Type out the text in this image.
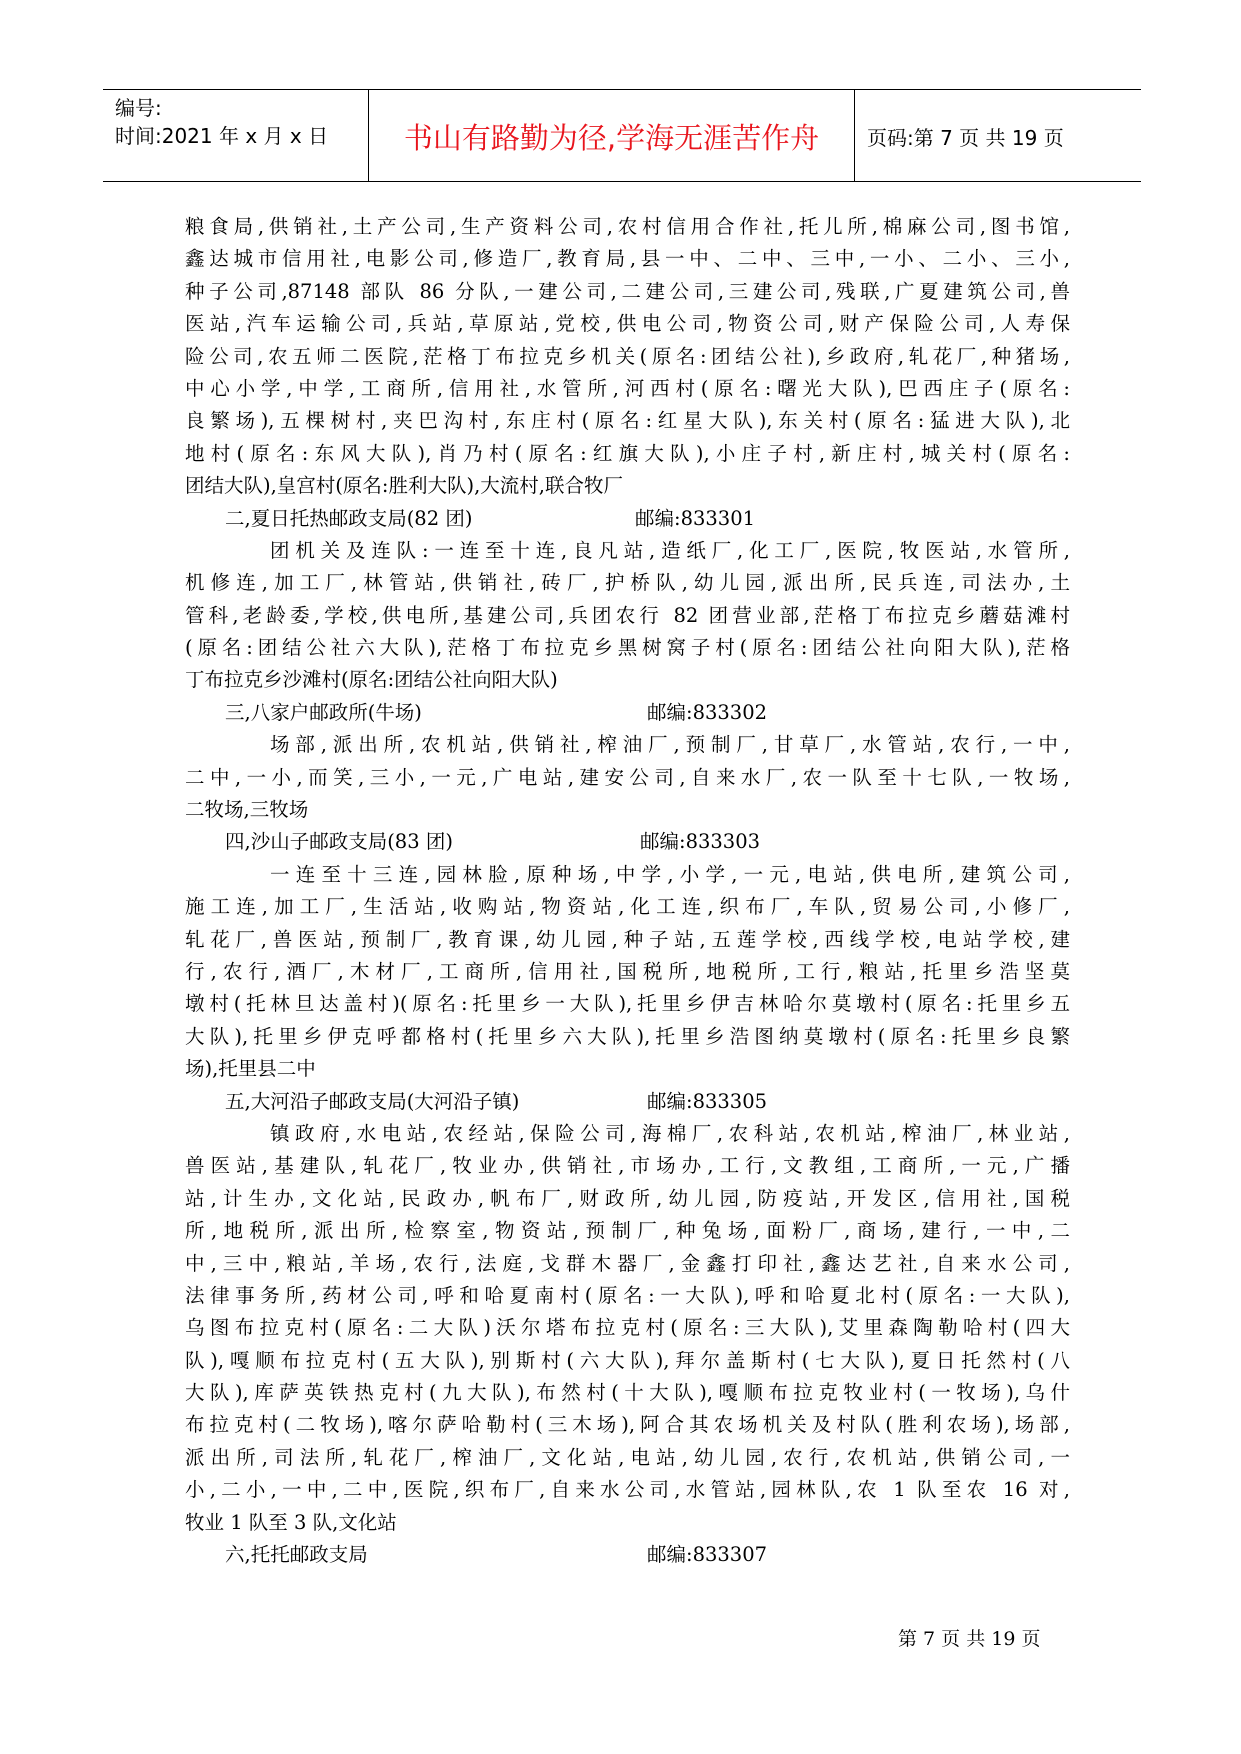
编号:
时间:2021 年 x 月 x 日	书山有路勤为径,学海无涯苦作舟	页码:第 7 页 共 19 页
粮食局,供销社,土产公司,生产资料公司,农村信用合作社,托儿所,棉麻公司,图书馆,
鑫达城市信用社,电影公司,修造厂,教育局,县一中、二中、三中,一小、二小、三小,
种子公司,87148 部队 86 分队,一建公司,二建公司,三建公司,残联,广夏建筑公司,兽
医站,汽车运输公司,兵站,草原站,党校,供电公司,物资公司,财产保险公司,人寿保
险公司,农五师二医院,茫格丁布拉克乡机关(原名:团结公社),乡政府,轧花厂,种猪场,
中心小学,中学,工商所,信用社,水管所,河西村(原名:曙光大队),巴西庄子(原名:
良繁场),五棵树村,夹巴沟村,东庄村(原名:红星大队),东关村(原名:猛进大队),北
地村(原名:东风大队),肖乃村(原名:红旗大队),小庄子村,新庄村,城关村(原名:
团结大队),皇宫村(原名:胜利大队),大流村,联合牧厂
二,夏日托热邮政支局(82 团)	邮编:833301
团机关及连队:一连至十连,良凡站,造纸厂,化工厂,医院,牧医站,水管所,
机修连,加工厂,林管站,供销社,砖厂,护桥队,幼儿园,派出所,民兵连,司法办,土
管科,老龄委,学校,供电所,基建公司,兵团农行 82 团营业部,茫格丁布拉克乡蘑菇滩村
(原名:团结公社六大队),茫格丁布拉克乡黑树窝子村(原名:团结公社向阳大队),茫格
丁布拉克乡沙滩村(原名:团结公社向阳大队)
三,八家户邮政所(牛场)	邮编:833302
场部,派出所,农机站,供销社,榨油厂,预制厂,甘草厂,水管站,农行,一中,
二中,一小,而笑,三小,一元,广电站,建安公司,自来水厂,农一队至十七队,一牧场,
二牧场,三牧场
四,沙山子邮政支局(83 团)	邮编:833303
一连至十三连,园林脸,原种场,中学,小学,一元,电站,供电所,建筑公司,
施工连,加工厂,生活站,收购站,物资站,化工连,织布厂,车队,贸易公司,小修厂,
轧花厂,兽医站,预制厂,教育课,幼儿园,种子站,五莲学校,西线学校,电站学校,建
行,农行,酒厂,木材厂,工商所,信用社,国税所,地税所,工行,粮站,托里乡浩坚莫
墩村(托林旦达盖村)(原名:托里乡一大队),托里乡伊吉林哈尔莫墩村(原名:托里乡五
大队),托里乡伊克呼都格村(托里乡六大队),托里乡浩图纳莫墩村(原名:托里乡良繁
场),托里县二中
五,大河沿子邮政支局(大河沿子镇)	邮编:833305
镇政府,水电站,农经站,保险公司,海棉厂,农科站,农机站,榨油厂,林业站,
兽医站,基建队,轧花厂,牧业办,供销社,市场办,工行,文教组,工商所,一元,广播
站,计生办,文化站,民政办,帆布厂,财政所,幼儿园,防疫站,开发区,信用社,国税
所,地税所,派出所,检察室,物资站,预制厂,种兔场,面粉厂,商场,建行,一中,二
中,三中,粮站,羊场,农行,法庭,戈群木器厂,金鑫打印社,鑫达艺社,自来水公司,
法律事务所,药材公司,呼和哈夏南村(原名:一大队),呼和哈夏北村(原名:一大队),
乌图布拉克村(原名:二大队)沃尔塔布拉克村(原名:三大队),艾里森陶勒哈村(四大
队),嘎顺布拉克村(五大队),别斯村(六大队),拜尔盖斯村(七大队),夏日托然村(八
大队),库萨英铁热克村(九大队),布然村(十大队),嘎顺布拉克牧业村(一牧场),乌什
布拉克村(二牧场),喀尔萨哈勒村(三木场),阿合其农场机关及村队(胜利农场),场部,
派出所,司法所,轧花厂,榨油厂,文化站,电站,幼儿园,农行,农机站,供销公司,一
小,二小,一中,二中,医院,织布厂,自来水公司,水管站,园林队,农 1 队至农 16 对,
牧业 1 队至 3 队,文化站
六,托托邮政支局	邮编:833307
第 7 页 共 19 页
